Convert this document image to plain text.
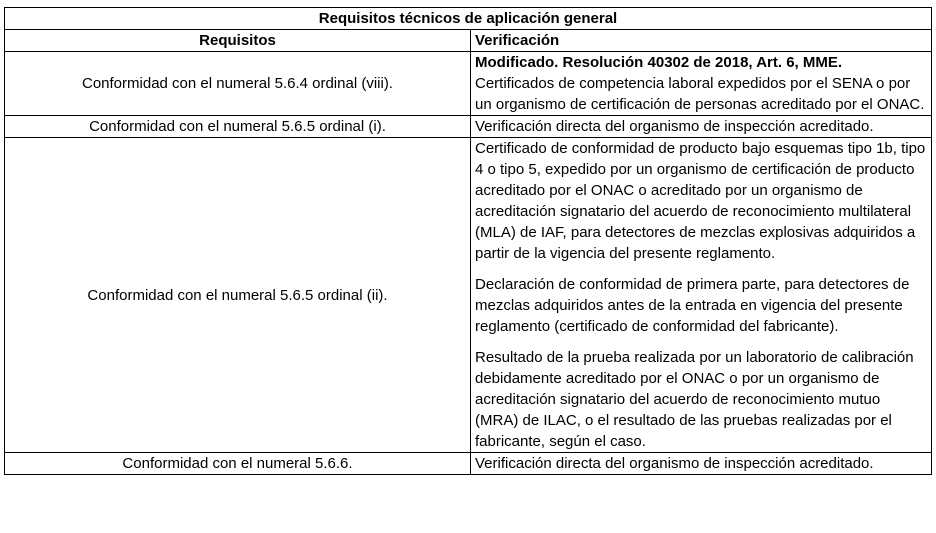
Requisitos técnicos de aplicación general	
Requisitos	Verificación
Conformidad con el numeral 5.6.4 ordinal (viii).	Modificado. Resolución 40302 de 2018, Art. 6, MME.
Certificados de competencia laboral expedidos por el SENA o por un organismo de certificación de personas acreditado por el ONAC.

Conformidad con el numeral 5.6.5 ordinal (i).	Verificación directa del organismo de inspección acreditado.

Conformidad con el numeral 5.6.5 ordinal (ii).	Certificado de conformidad de producto bajo esquemas tipo 1b, tipo 4 o tipo 5, expedido por un organismo de certificación de producto acreditado por el ONAC o acreditado por un organismo de acreditación signatario del acuerdo de reconocimiento multilateral (MLA) de IAF, para detectores de mezclas explosivas adquiridos a partir de la vigencia del presente reglamento.
Declaración de conformidad de primera parte, para detectores de mezclas adquiridos antes de la entrada en vigencia del presente reglamento (certificado de conformidad del fabricante).
Resultado de la prueba realizada por un laboratorio de calibración debidamente acreditado por el ONAC o por un organismo de acreditación signatario del acuerdo de reconocimiento mutuo (MRA) de ILAC, o el resultado de las pruebas realizadas por el fabricante, según el caso.

Conformidad con el numeral 5.6.6.	Verificación directa del organismo de inspección acreditado.
